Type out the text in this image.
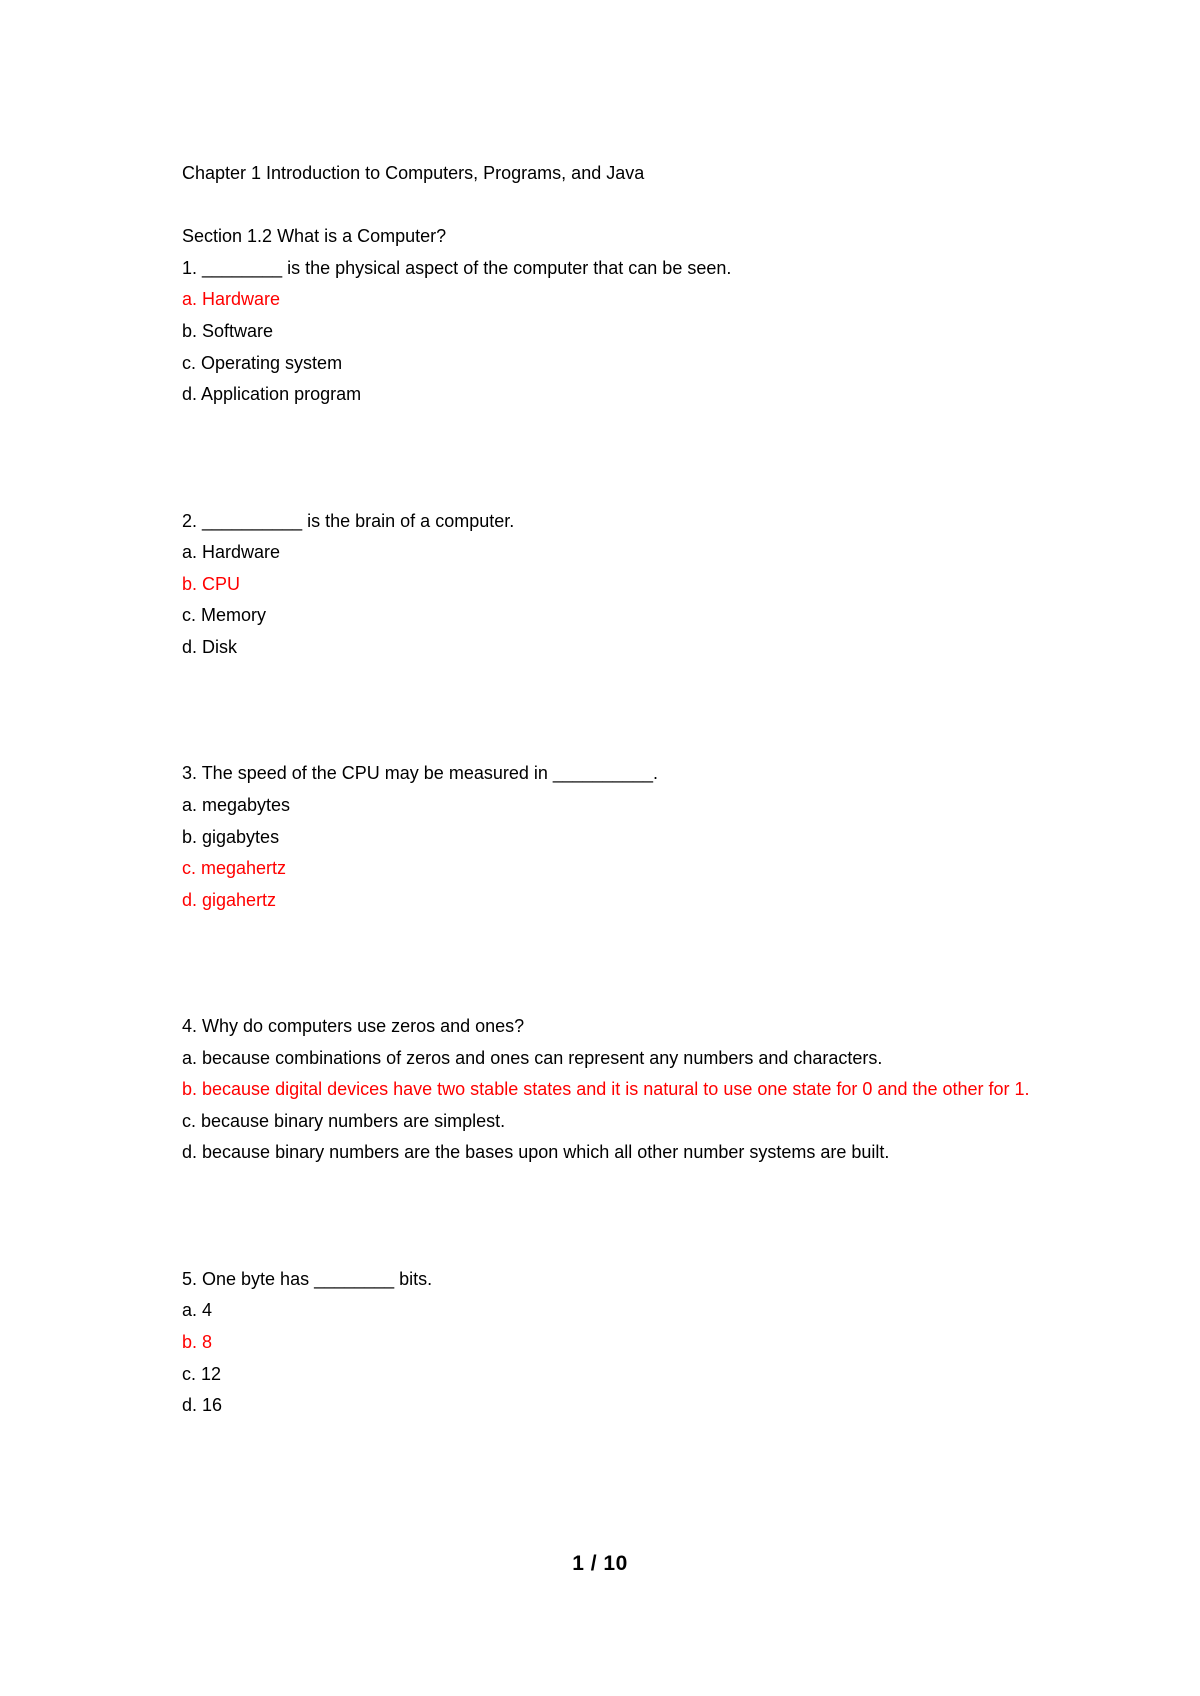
Chapter 1 Introduction to Computers, Programs, and Java

Section 1.2 What is a Computer?

1. ________ is the physical aspect of the computer that can be seen.

a. Hardware

b. Software

c. Operating system

d. Application program

2. __________ is the brain of a computer.

a. Hardware

b. CPU

c. Memory

d. Disk

3. The speed of the CPU may be measured in __________.

a. megabytes

b. gigabytes

c. megahertz

d. gigahertz

4. Why do computers use zeros and ones?

a. because combinations of zeros and ones can represent any numbers and characters.

b. because digital devices have two stable states and it is natural to use one state for 0 and the other for 1.

c. because binary numbers are simplest.

d. because binary numbers are the bases upon which all other number systems are built.

5. One byte has ________ bits.

a. 4

b. 8

c. 12

d. 16

1 / 10
